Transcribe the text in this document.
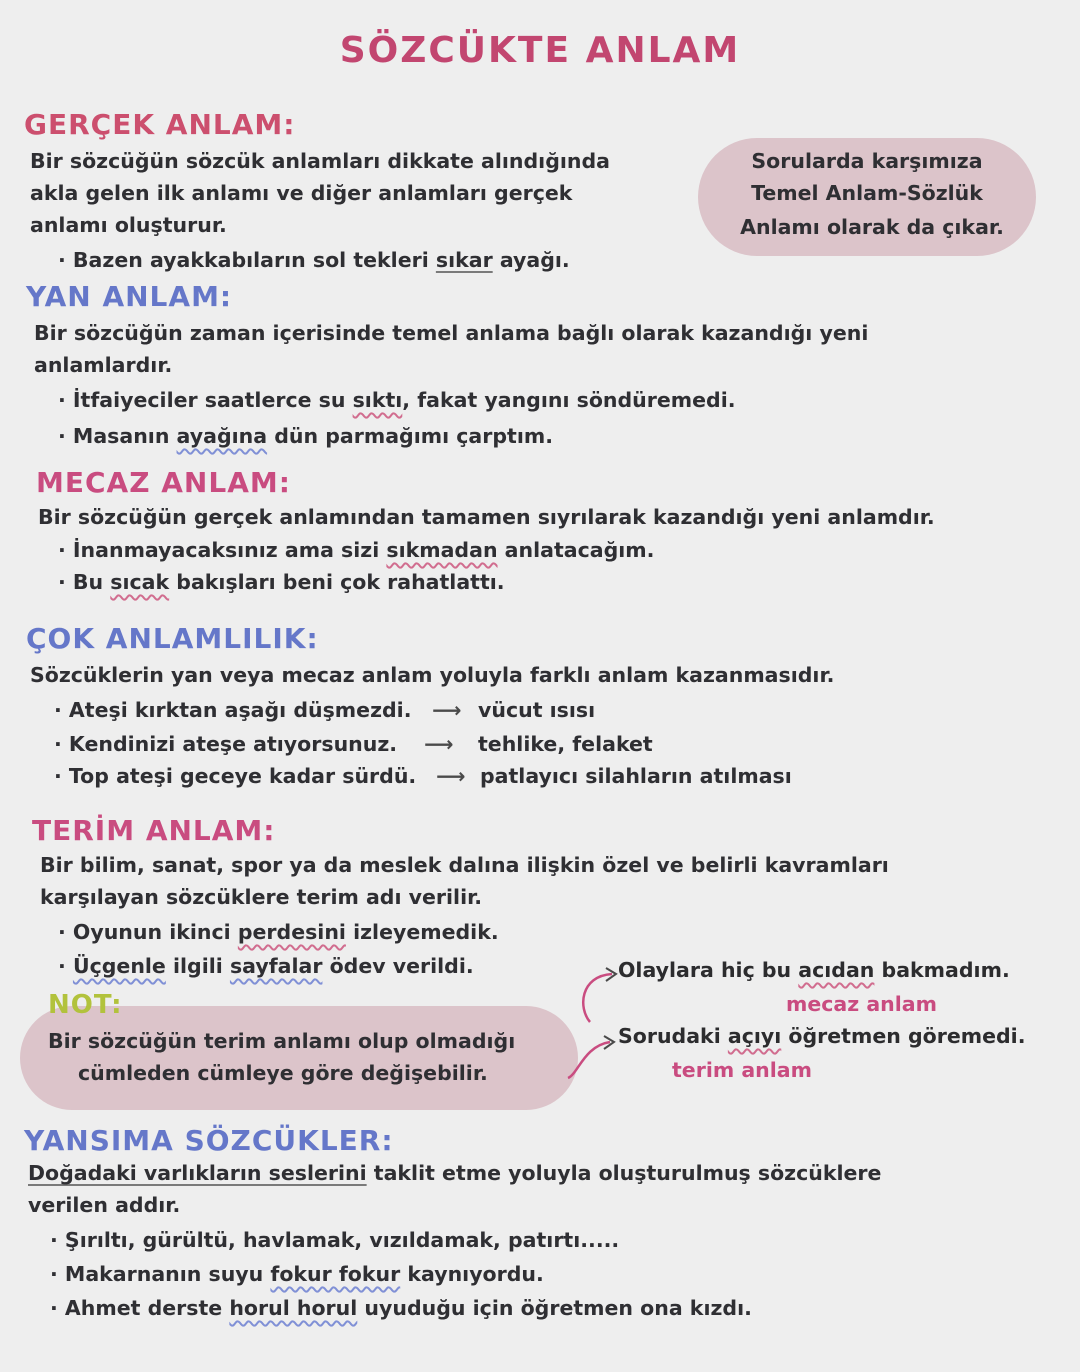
SÖZCÜKTE ANLAM
GERÇEK ANLAM:
Bir sözcüğün sözcük anlamları dikkate alındığında
akla gelen ilk anlamı ve diğer anlamları gerçek
anlamı oluşturur.
· Bazen ayakkabıların sol tekleri sıkar ayağı.
Sorularda karşımıza
Temel Anlam-Sözlük
Anlamı olarak da çıkar.
YAN ANLAM:
Bir sözcüğün zaman içerisinde temel anlama bağlı olarak kazandığı yeni
anlamlardır.
· İtfaiyeciler saatlerce su sıktı, fakat yangını söndüremedi.
· Masanın ayağına dün parmağımı çarptım.
MECAZ ANLAM:
Bir sözcüğün gerçek anlamından tamamen sıyrılarak kazandığı yeni anlamdır.
· İnanmayacaksınız ama sizi sıkmadan anlatacağım.
· Bu sıcak bakışları beni çok rahatlattı.
ÇOK ANLAMLILIK:
Sözcüklerin yan veya mecaz anlam yoluyla farklı anlam kazanmasıdır.
· Ateşi kırktan aşağı düşmezdi.
· Kendinizi ateşe atıyorsunuz.
· Top ateşi geceye kadar sürdü.
⟶
⟶
⟶
vücut ısısı
tehlike, felaket
patlayıcı silahların atılması
TERİM ANLAM:
Bir bilim, sanat, spor ya da meslek dalına ilişkin özel ve belirli kavramları
karşılayan sözcüklere terim adı verilir.
· Oyunun ikinci perdesini izleyemedik.
· Üçgenle ilgili sayfalar ödev verildi.
NOT:
Bir sözcüğün terim anlamı olup olmadığı
cümleden cümleye göre değişebilir.
Olaylara hiç bu acıdan bakmadım.
mecaz anlam
Sorudaki açıyı öğretmen göremedi.
terim anlam
YANSIMA SÖZCÜKLER:
Doğadaki varlıkların seslerini taklit etme yoluyla oluşturulmuş sözcüklere
verilen addır.
· Şırıltı, gürültü, havlamak, vızıldamak, patırtı.....
· Makarnanın suyu fokur fokur kaynıyordu.
· Ahmet derste horul horul uyuduğu için öğretmen ona kızdı.
